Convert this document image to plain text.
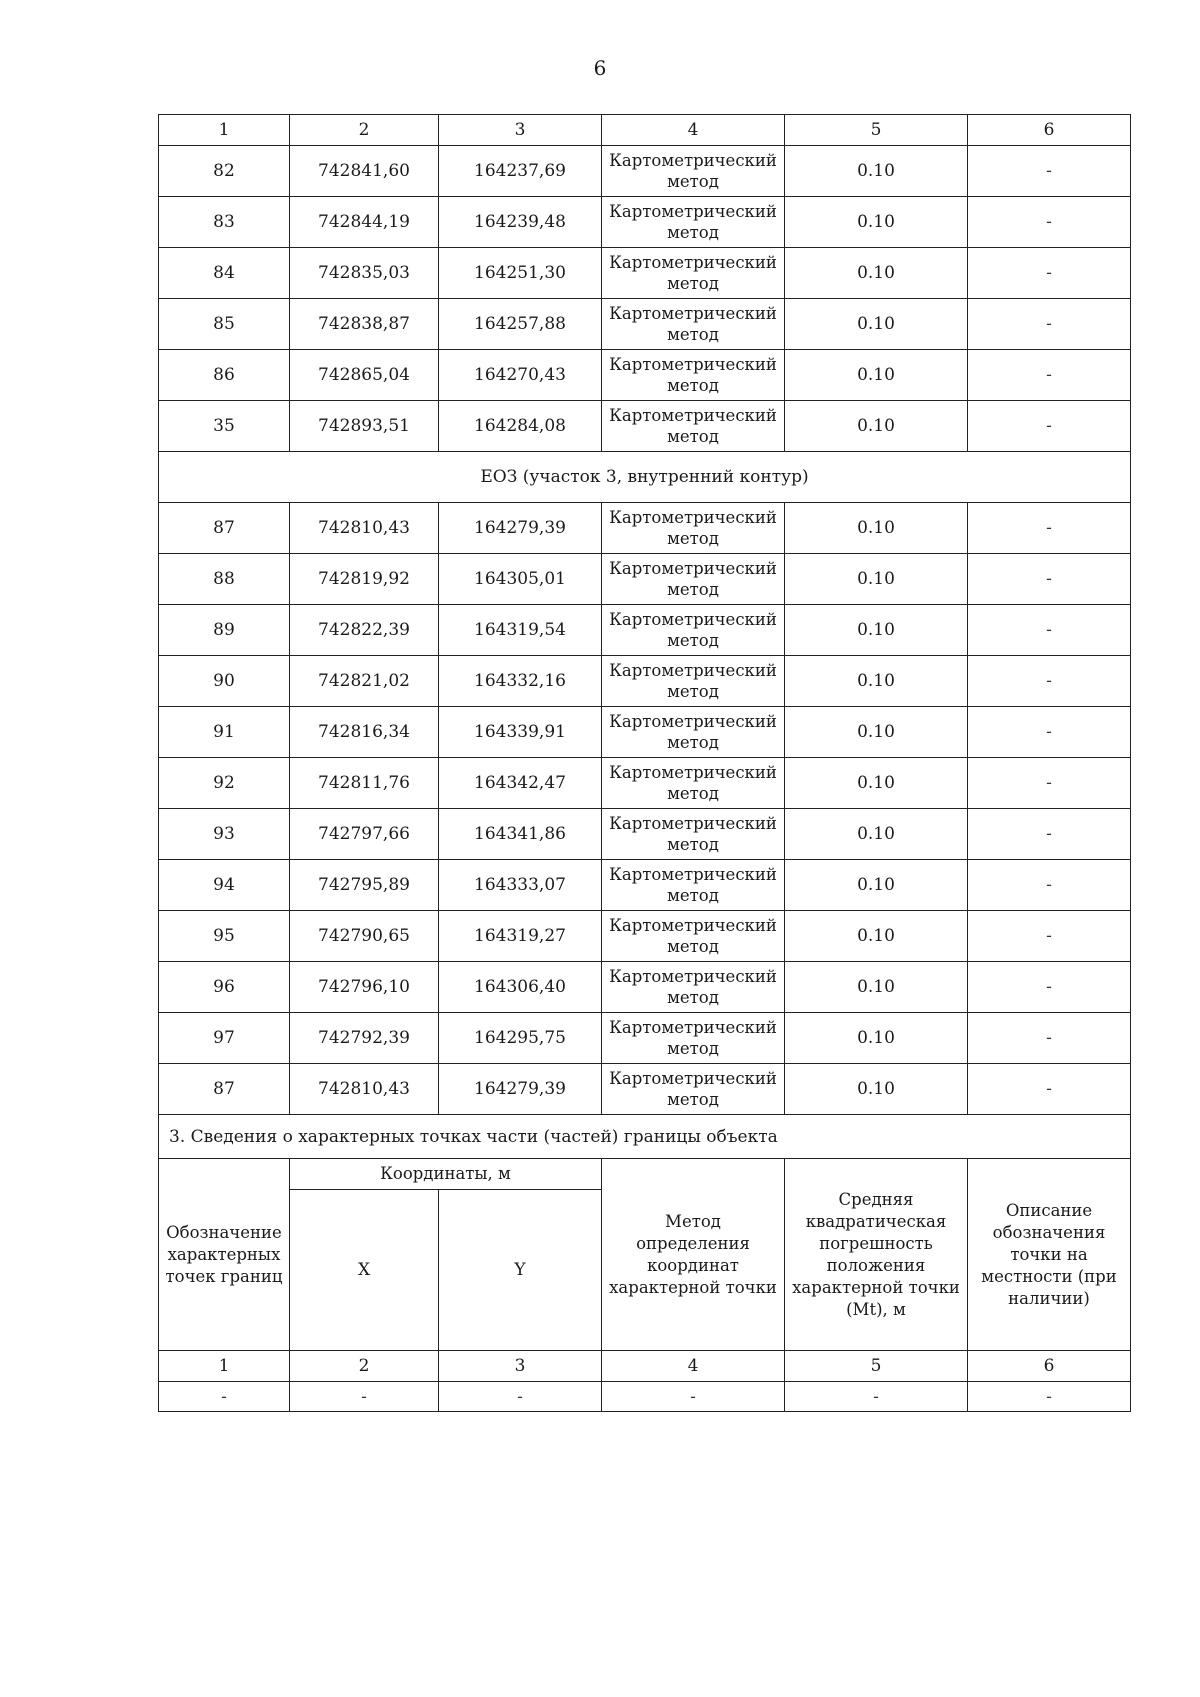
6
1	2	3	4	5	6
82	742841,60	164237,69	Картометрический метод	0.10	-
83	742844,19	164239,48	Картометрический метод	0.10	-
84	742835,03	164251,30	Картометрический метод	0.10	-
85	742838,87	164257,88	Картометрический метод	0.10	-
86	742865,04	164270,43	Картометрический метод	0.10	-
35	742893,51	164284,08	Картометрический метод	0.10	-
ЕОЗ (участок 3, внутренний контур)					
87	742810,43	164279,39	Картометрический метод	0.10	-
88	742819,92	164305,01	Картометрический метод	0.10	-
89	742822,39	164319,54	Картометрический метод	0.10	-
90	742821,02	164332,16	Картометрический метод	0.10	-
91	742816,34	164339,91	Картометрический метод	0.10	-
92	742811,76	164342,47	Картометрический метод	0.10	-
93	742797,66	164341,86	Картометрический метод	0.10	-
94	742795,89	164333,07	Картометрический метод	0.10	-
95	742790,65	164319,27	Картометрический метод	0.10	-
96	742796,10	164306,40	Картометрический метод	0.10	-
97	742792,39	164295,75	Картометрический метод	0.10	-
87	742810,43	164279,39	Картометрический метод	0.10	-
3. Сведения о характерных точках части (частей) границы объекта					
Обозначение характерных точек границ	Координаты, м		Метод определения координат характерной точки	Средняя квадратическая погрешность положения характерной точки (Mt), м	Описание обозначения точки на местности (при наличии)
	X	Y			
1	2	3	4	5	6
-	-	-	-	-	-
